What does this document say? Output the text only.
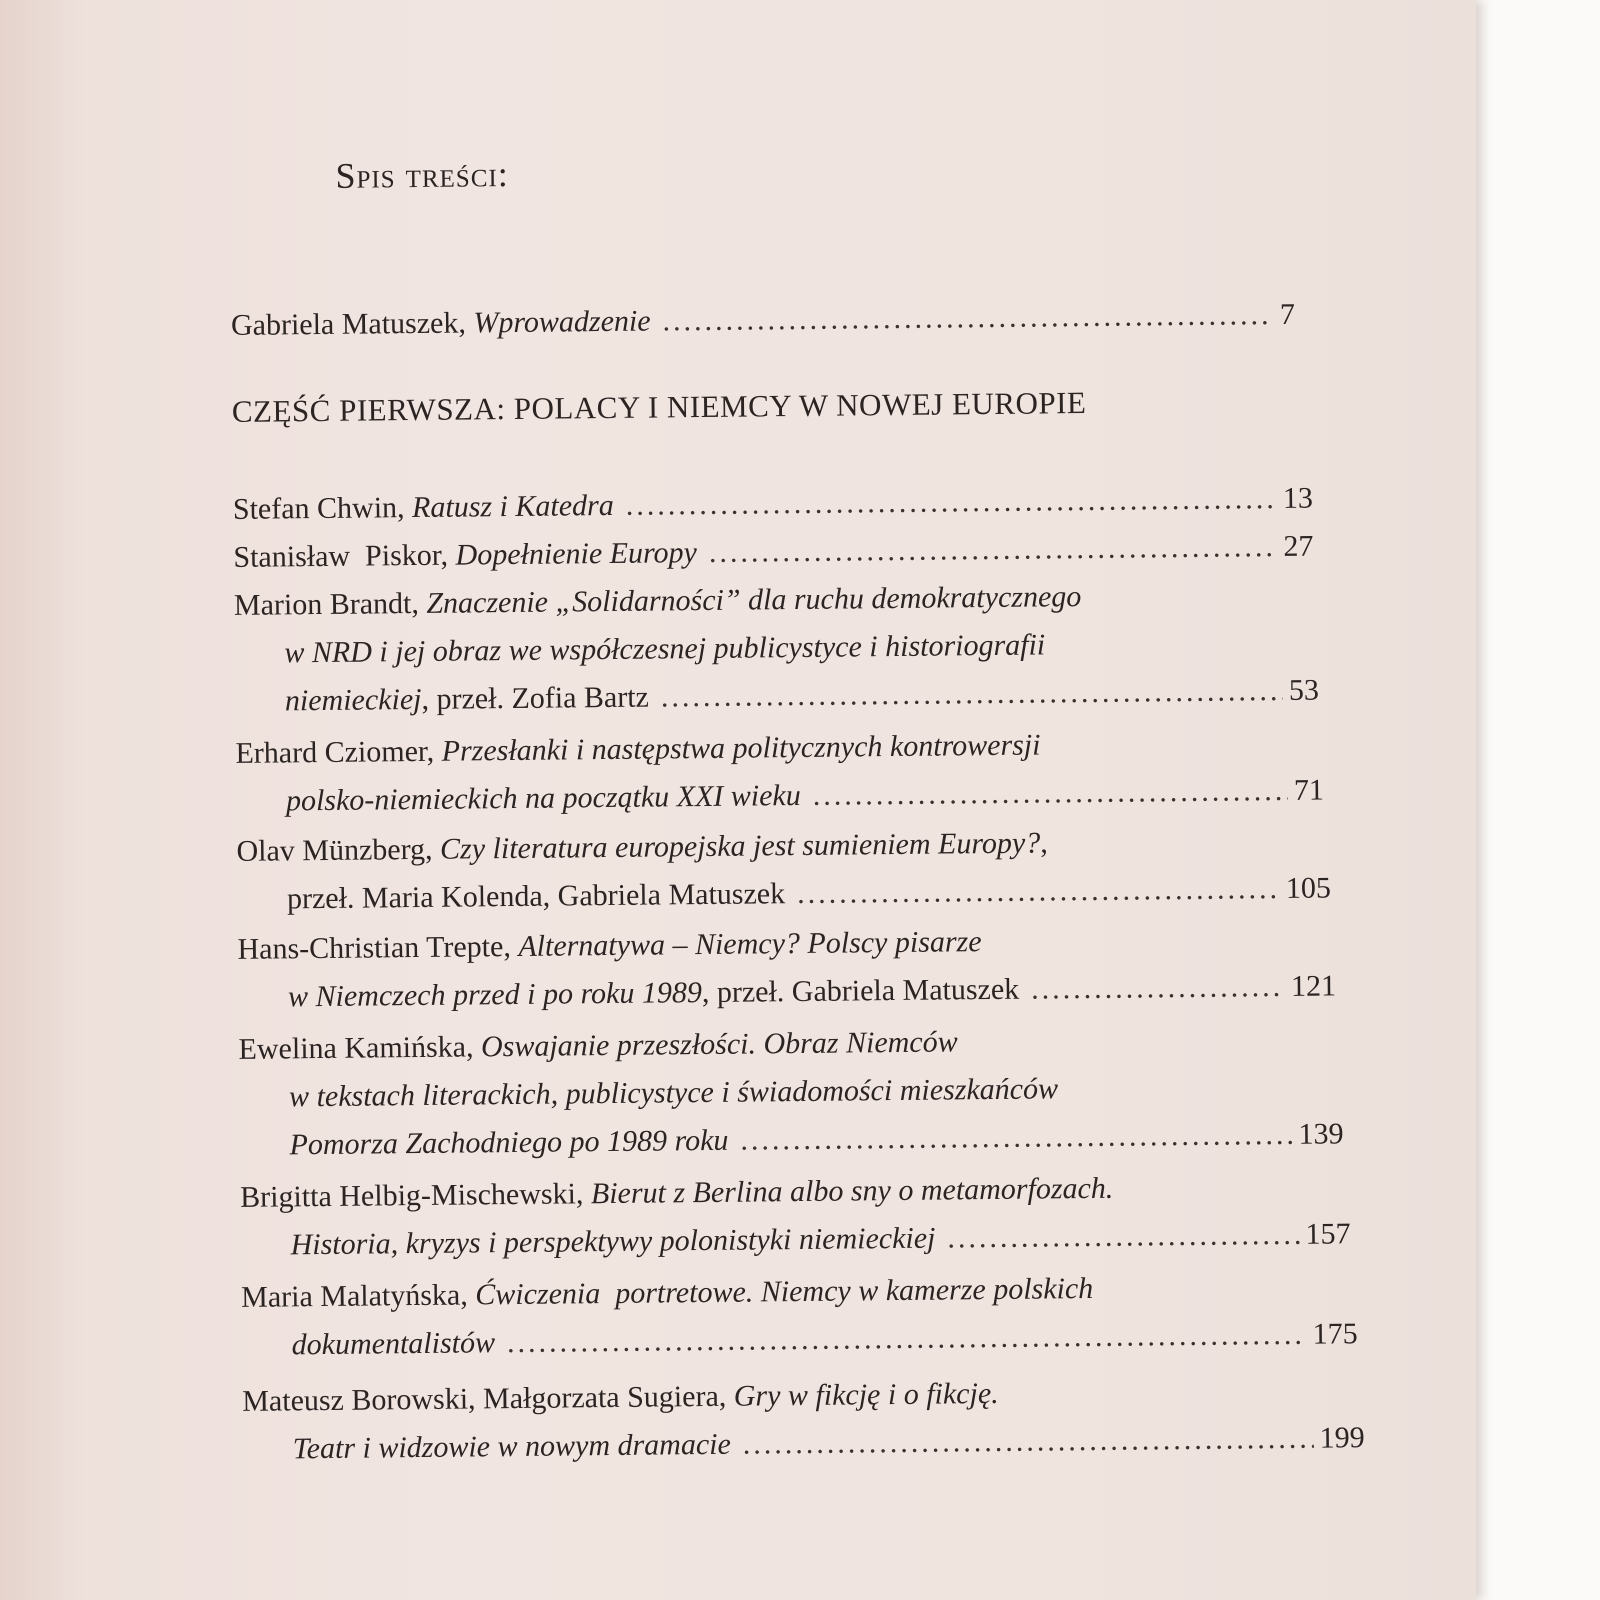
Spis treści:
Gabriela Matuszek,
Wprowadzenie .....	7
CZĘŚĆ PIERWSZA: POLACY I NIEMCY W NOWEJ EUROPIE
Stefan Chwin,
Ratusz i Katedra .....	13
Stanisław  Piskor,
Dopełnienie Europy .....	27
Marion Brandt,
Znaczenie „Solidarności” dla ruchu demokratycznego
w NRD i jej obraz we współczesnej publicystyce i historiografii
niemieckiej , przeł. Zofia Bartz .....	53
Erhard Cziomer,
Przesłanki i następstwa politycznych kontrowersji
polsko-niemieckich na początku XXI wieku .....	71
Olav Münzberg,
Czy literatura europejska jest sumieniem Europy? ,
przeł. Maria Kolenda, Gabriela Matuszek .....	105
Hans-Christian Trepte,
Alternatywa – Niemcy? Polscy pisarze
w Niemczech przed i po roku 1989 , przeł. Gabriela Matuszek .....	121
Ewelina Kamińska,
Oswajanie przeszłości. Obraz Niemców
w tekstach literackich, publicystyce i świadomości mieszkańców
Pomorza Zachodniego po 1989 roku .....	139
Brigitta Helbig-Mischewski,
Bierut z Berlina albo sny o metamorfozach.
Historia, kryzys i perspektywy polonistyki niemieckiej .....	157
Maria Malatyńska,
Ćwiczenia  portretowe. Niemcy w kamerze polskich
dokumentalistów .....	175
Mateusz Borowski, Małgorzata Sugiera,
Gry w fikcję i o fikcję.
Teatr i widzowie w nowym dramacie .....	199
